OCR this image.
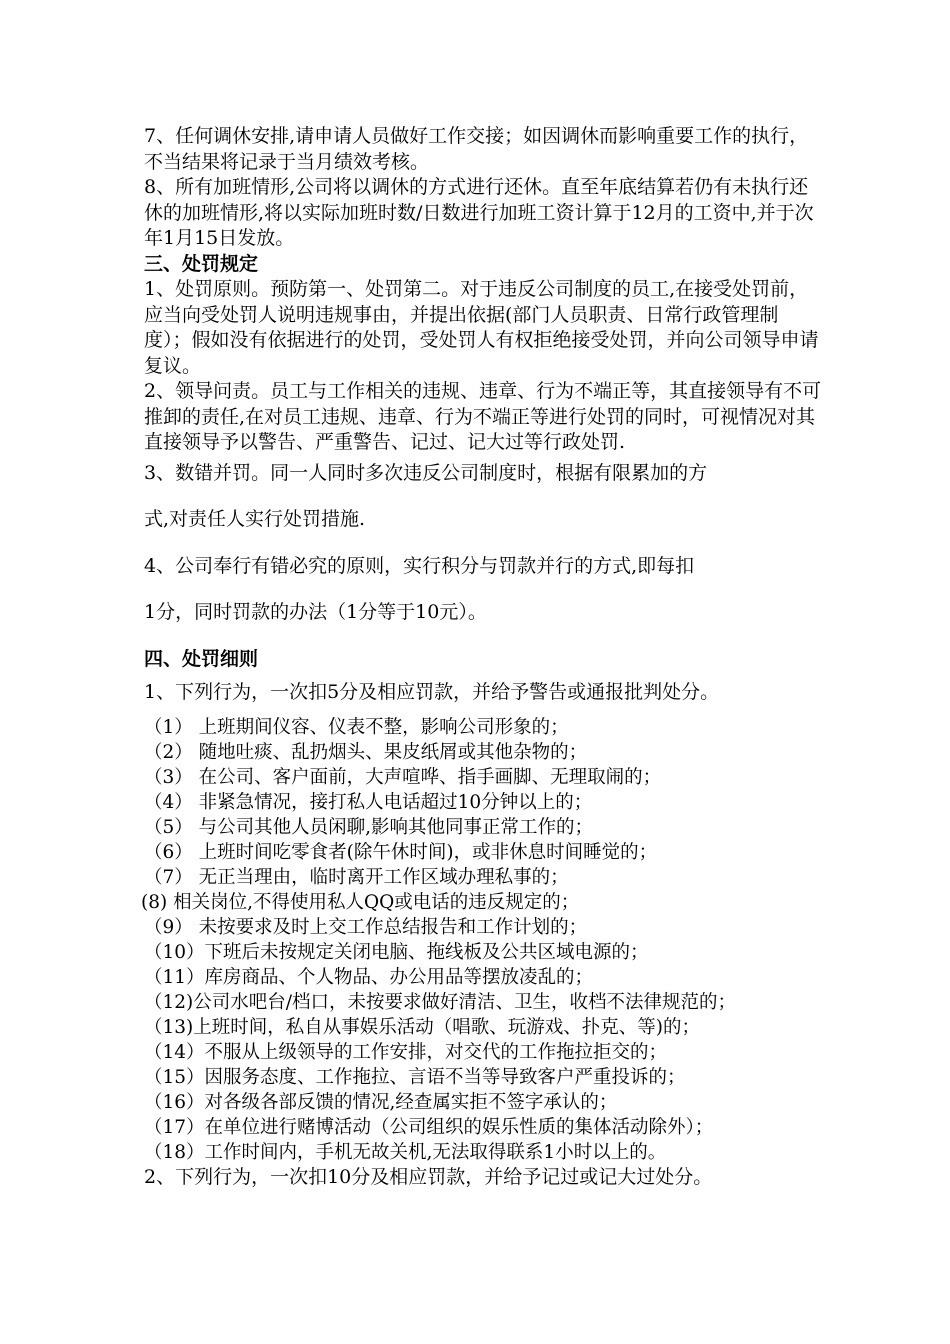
7、任何调休安排,请申请人员做好工作交接；如因调休而影响重要工作的执行，不当结果将记录于当月绩效考核。

8、所有加班情形,公司将以调休的方式进行还休。直至年底结算若仍有未执行还休的加班情形,将以实际加班时数/日数进行加班工资计算于12月的工资中,并于次年1月15日发放。

三、处罚规定

1、处罚原则。预防第一、处罚第二。对于违反公司制度的员工,在接受处罚前，应当向受处罚人说明违规事由，并提出依据(部门人员职责、日常行政管理制度）；假如没有依据进行的处罚，受处罚人有权拒绝接受处罚，并向公司领导申请复议。

2、领导问责。员工与工作相关的违规、违章、行为不端正等，其直接领导有不可推卸的责任,在对员工违规、违章、行为不端正等进行处罚的同时，可视情况对其直接领导予以警告、严重警告、记过、记大过等行政处罚.

3、数错并罚。同一人同时多次违反公司制度时，根据有限累加的方

式,对责任人实行处罚措施.

4、公司奉行有错必究的原则，实行积分与罚款并行的方式,即每扣

1分，同时罚款的办法（1分等于10元）。

四、处罚细则

1、下列行为，一次扣5分及相应罚款，并给予警告或通报批判处分。

（1） 上班期间仪容、仪表不整，影响公司形象的；

（2） 随地吐痰、乱扔烟头、果皮纸屑或其他杂物的；

（3） 在公司、客户面前，大声喧哗、指手画脚、无理取闹的；

（4） 非紧急情况，接打私人电话超过10分钟以上的；

（5） 与公司其他人员闲聊,影响其他同事正常工作的；

（6） 上班时间吃零食者(除午休时间)，或非休息时间睡觉的；

（7） 无正当理由，临时离开工作区域办理私事的；

(8) 相关岗位,不得使用私人QQ或电话的违反规定的；

（9） 未按要求及时上交工作总结报告和工作计划的；

（10）下班后未按规定关闭电脑、拖线板及公共区域电源的；

（11）库房商品、个人物品、办公用品等摆放凌乱的；

（12)公司水吧台/档口，未按要求做好清洁、卫生，收档不法律规范的；

（13)上班时间，私自从事娱乐活动（唱歌、玩游戏、扑克、等)的；

（14）不服从上级领导的工作安排，对交代的工作拖拉拒交的；

（15）因服务态度、工作拖拉、言语不当等导致客户严重投诉的；

（16）对各级各部反馈的情况,经查属实拒不签字承认的；

（17）在单位进行赌博活动（公司组织的娱乐性质的集体活动除外）；

（18）工作时间内，手机无故关机,无法取得联系1小时以上的。

2、下列行为，一次扣10分及相应罚款，并给予记过或记大过处分。
